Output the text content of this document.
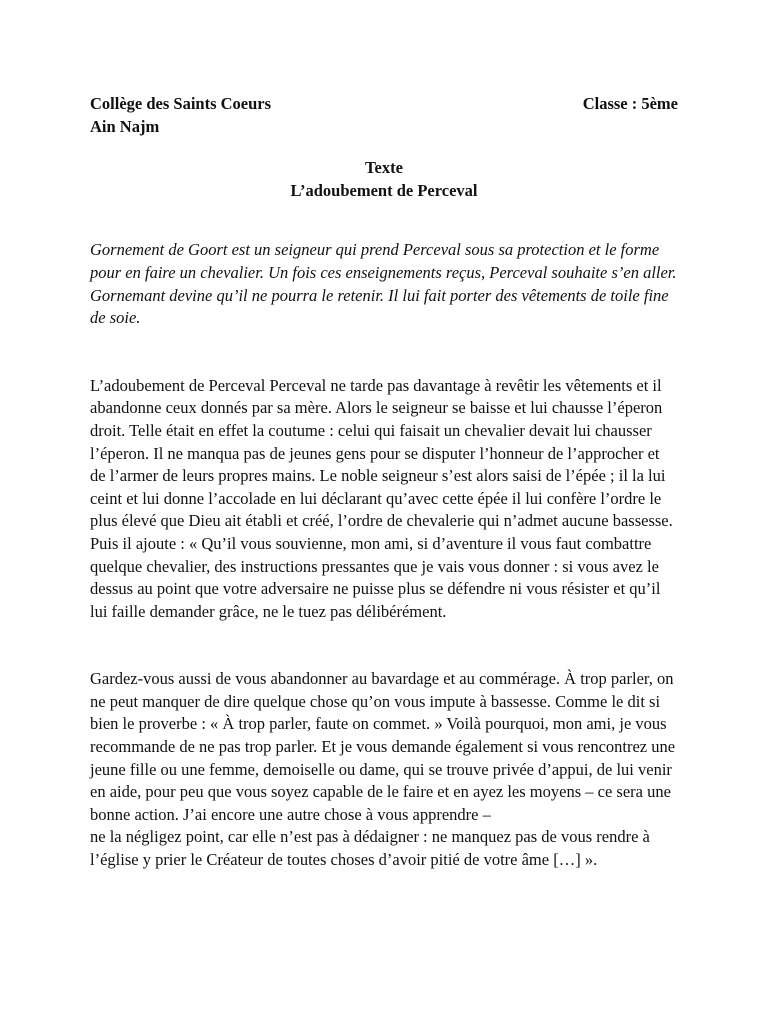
Collège des Saints Coeurs	Classe : 5ème
Ain Najm
Texte
L’adoubement de Perceval

Gornement de Goort est un seigneur qui prend Perceval sous sa protection et le forme pour en faire un chevalier. Un fois ces enseignements reçus, Perceval souhaite s’en aller. Gornemant devine qu’il ne pourra le retenir. Il lui fait porter des vêtements de toile fine de soie.

L’adoubement de Perceval Perceval ne tarde pas davantage à revêtir les vêtements et il abandonne ceux donnés par sa mère. Alors le seigneur se baisse et lui chausse l’éperon droit. Telle était en effet la coutume : celui qui faisait un chevalier devait lui chausser l’éperon. Il ne manqua pas de jeunes gens pour se disputer l’honneur de l’approcher et de l’armer de leurs propres mains. Le noble seigneur s’est alors saisi de l’épée ; il la lui ceint et lui donne l’accolade en lui déclarant qu’avec cette épée il lui confère l’ordre le plus élevé que Dieu ait établi et créé, l’ordre de chevalerie qui n’admet aucune bassesse. Puis il ajoute : « Qu’il vous souvienne, mon ami, si d’aventure il vous faut combattre quelque chevalier, des instructions pressantes que je vais vous donner : si vous avez le dessus au point que votre adversaire ne puisse plus se défendre ni vous résister et qu’il lui faille demander grâce, ne le tuez pas délibérément.

Gardez-vous aussi de vous abandonner au bavardage et au commérage. À trop parler, on ne peut manquer de dire quelque chose qu’on vous impute à bassesse. Comme le dit si bien le proverbe : « À trop parler, faute on commet. » Voilà pourquoi, mon ami, je vous recommande de ne pas trop parler. Et je vous demande également si vous rencontrez une jeune fille ou une femme, demoiselle ou dame, qui se trouve privée d’appui, de lui venir en aide, pour peu que vous soyez capable de le faire et en ayez les moyens – ce sera une bonne action. J’ai encore une autre chose à vous apprendre –

ne la négligez point, car elle n’est pas à dédaigner : ne manquez pas de vous rendre à l’église y prier le Créateur de toutes choses d’avoir pitié de votre âme […] ».
